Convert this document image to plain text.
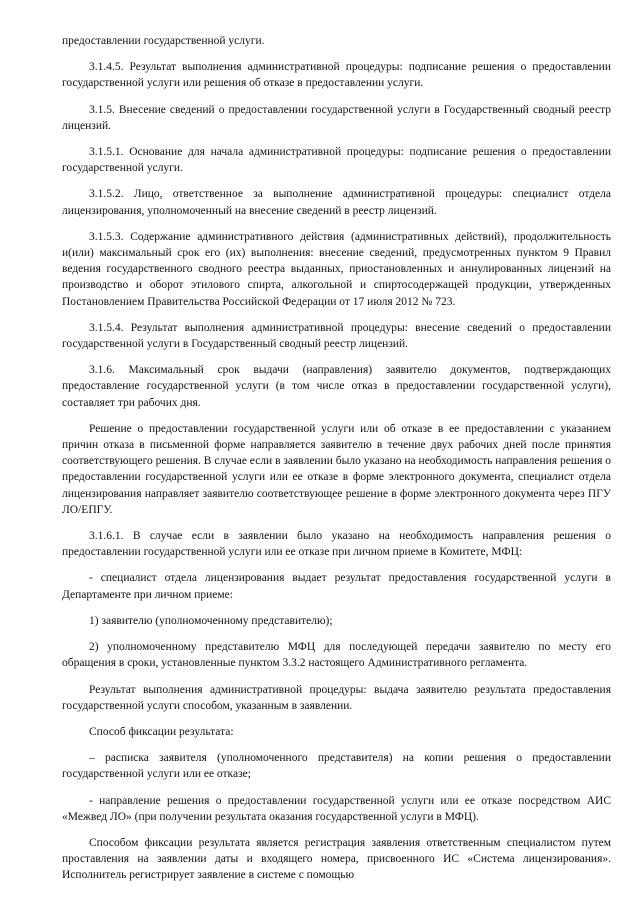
предоставлении государственной услуги.

3.1.4.5. Результат выполнения административной процедуры: подписание решения о предоставлении государственной услуги или решения об отказе в предоставлении услуги.

3.1.5. Внесение сведений о предоставлении государственной услуги в Государственный сводный реестр лицензий.

3.1.5.1. Основание для начала административной процедуры: подписание решения о предоставлении государственной услуги.

3.1.5.2. Лицо, ответственное за выполнение административной процедуры: специалист отдела лицензирования, уполномоченный на внесение сведений в реестр лицензий.

3.1.5.3. Содержание административного действия (административных действий), продолжительность и(или) максимальный срок его (их) выполнения: внесение сведений, предусмотренных пунктом 9 Правил ведения государственного сводного реестра выданных, приостановленных и аннулированных лицензий на производство и оборот этилового спирта, алкогольной и спиртосодержащей продукции, утвержденных Постановлением Правительства Российской Федерации от 17 июля 2012 № 723.

3.1.5.4. Результат выполнения административной процедуры: внесение сведений о предоставлении государственной услуги в Государственный сводный реестр лицензий.

3.1.6. Максимальный срок выдачи (направления) заявителю документов, подтверждающих предоставление государственной услуги (в том числе отказ в предоставлении государственной услуги), составляет три рабочих дня.

Решение о предоставлении государственной услуги или об отказе в ее предоставлении с указанием причин отказа в письменной форме направляется заявителю в течение двух рабочих дней после принятия соответствующего решения. В случае если в заявлении было указано на необходимость направления решения о предоставлении государственной услуги или ее отказе в форме электронного документа, специалист отдела лицензирования направляет заявителю соответствующее решение в форме электронного документа через ПГУ ЛО/ЕПГУ.

3.1.6.1. В случае если в заявлении было указано на необходимость направления решения о предоставлении государственной услуги или ее отказе при личном приеме в Комитете, МФЦ:

- специалист отдела лицензирования выдает результат предоставления государственной услуги в Департаменте при личном приеме:

1) заявителю (уполномоченному представителю);

2) уполномоченному представителю МФЦ для последующей передачи заявителю по месту его обращения в сроки, установленные пунктом 3.3.2 настоящего Административного регламента.

Результат выполнения административной процедуры: выдача заявителю результата предоставления государственной услуги способом, указанным в заявлении.

Способ фиксации результата:

– расписка заявителя (уполномоченного представителя) на копии решения о предоставлении государственной услуги или ее отказе;

- направление решения о предоставлении государственной услуги или ее отказе посредством АИС «Межвед ЛО» (при получении результата оказания государственной услуги в МФЦ).

Способом фиксации результата является регистрация заявления ответственным специалистом путем проставления на заявлении даты и входящего номера, присвоенного ИС «Система лицензирования». Исполнитель регистрирует заявление в системе с помощью
